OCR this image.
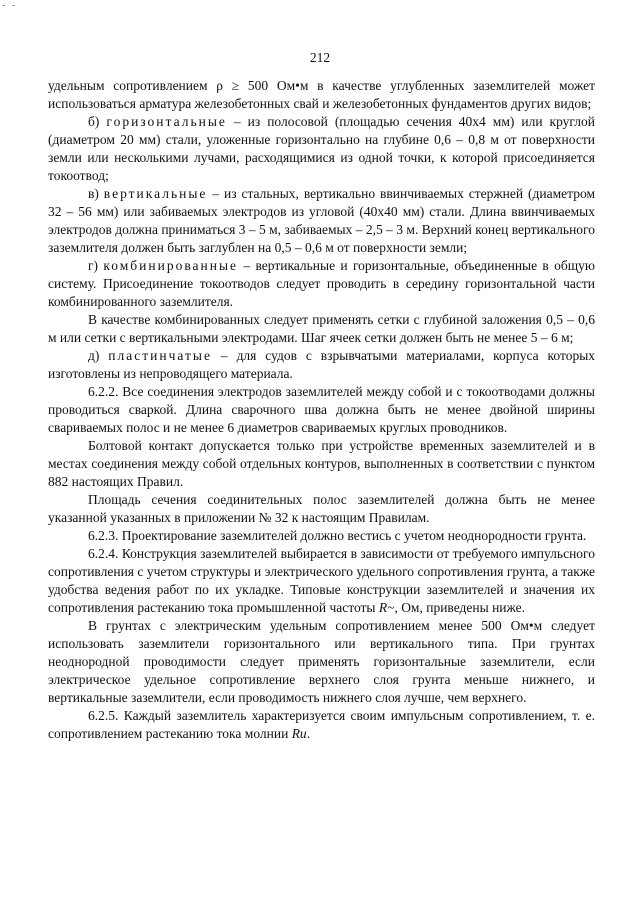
- -
212

удельным сопротивлением ρ ≥ 500 Ом•м в качестве углубленных заземлителей может использоваться арматура железобетонных свай и железобетонных фундаментов других видов;

б) горизонтальные – из полосовой (площадью сечения 40х4 мм) или круглой (диаметром 20 мм) стали, уложенные горизонтально на глубине 0,6 – 0,8 м от поверхности земли или несколькими лучами, расходящимися из одной точки, к которой присоединяется токоотвод;

в) вертикальные – из стальных, вертикально ввинчиваемых стержней (диаметром 32 – 56 мм) или забиваемых электродов из угловой (40х40 мм) стали. Длина ввинчиваемых электродов должна приниматься 3 – 5 м, забиваемых – 2,5 – 3 м. Верхний конец вертикального заземлителя должен быть заглублен на 0,5 – 0,6 м от поверхности земли;

г) комбинированные – вертикальные и горизонтальные, объединенные в общую систему. Присоединение токоотводов следует проводить в середину горизонтальной части комбинированного заземлителя.

В качестве комбинированных следует применять сетки с глубиной заложения 0,5 – 0,6 м или сетки с вертикальными электродами. Шаг ячеек сетки должен быть не менее 5 – 6 м;

д) пластинчатые – для судов с взрывчатыми материалами, корпуса которых изготовлены из непроводящего материала.

6.2.2. Все соединения электродов заземлителей между собой и с токоотводами должны проводиться сваркой. Длина сварочного шва должна быть не менее двойной ширины свариваемых полос и не менее 6 диаметров свариваемых круглых проводников.

Болтовой контакт допускается только при устройстве временных заземлителей и в местах соединения между собой отдельных контуров, выполненных в соответствии с пунктом 882 настоящих Правил.

Площадь сечения соединительных полос заземлителей должна быть не менее указанной указанных в приложении № 32 к настоящим Правилам.

6.2.3. Проектирование заземлителей должно вестись с учетом неоднородности грунта.

6.2.4. Конструкция заземлителей выбирается в зависимости от требуемого импульсного сопротивления с учетом структуры и электрического удельного сопротивления грунта, а также удобства ведения работ по их укладке. Типовые конструкции заземлителей и значения их сопротивления растеканию тока промышленной частоты R~, Ом, приведены ниже.

В грунтах с электрическим удельным сопротивлением менее 500 Ом•м следует использовать заземлители горизонтального или вертикального типа. При грунтах неоднородной проводимости следует применять горизонтальные заземлители, если электрическое удельное сопротивление верхнего слоя грунта меньше нижнего, и вертикальные заземлители, если проводимость нижнего слоя лучше, чем верхнего.

6.2.5. Каждый заземлитель характеризуется своим импульсным сопротивлением, т. е. сопротивлением растеканию тока молнии Rи.
